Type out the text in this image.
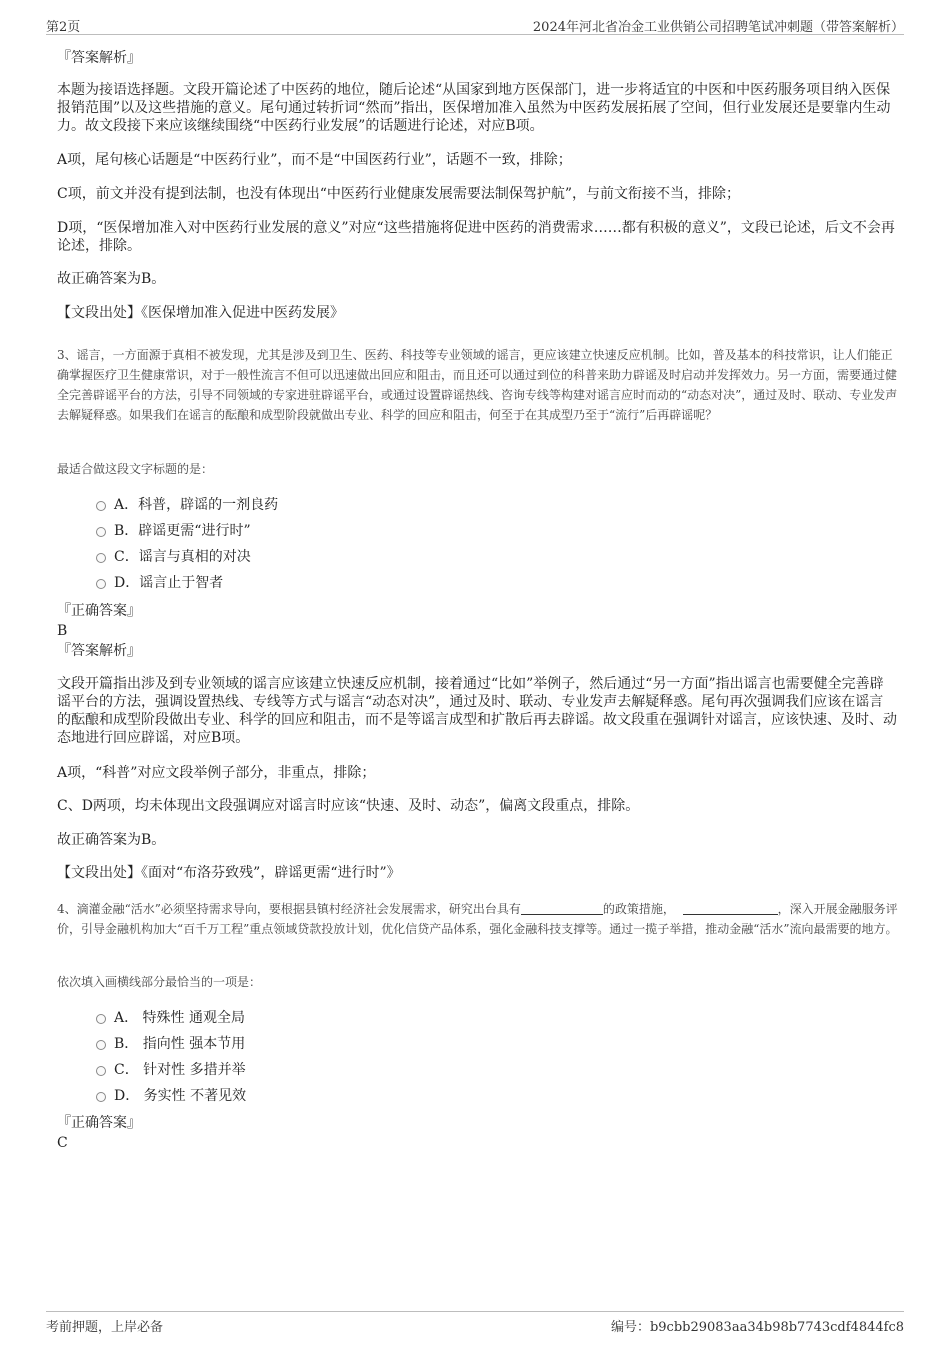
第2页	2024年河北省冶金工业供销公司招聘笔试冲刺题（带答案解析）
『答案解析』
本题为接语选择题。文段开篇论述了中医药的地位，随后论述“从国家到地方医保部门，进一步将适宜的中医和中医药服务项目纳入医保报销范围”以及这些措施的意义。尾句通过转折词“然而”指出，医保增加准入虽然为中医药发展拓展了空间，但行业发展还是要靠内生动力。故文段接下来应该继续围绕“中医药行业发展”的话题进行论述，对应B项。
A项，尾句核心话题是“中医药行业”，而不是“中国医药行业”，话题不一致，排除；
C项，前文并没有提到法制，也没有体现出“中医药行业健康发展需要法制保驾护航”，与前文衔接不当，排除；
D项，“医保增加准入对中医药行业发展的意义”对应“这些措施将促进中医药的消费需求……都有积极的意义”，文段已论述，后文不会再论述，排除。
故正确答案为B。
【文段出处】《医保增加准入促进中医药发展》
3、谣言，一方面源于真相不被发现，尤其是涉及到卫生、医药、科技等专业领域的谣言，更应该建立快速反应机制。比如，普及基本的科技常识，让人们能正确掌握医疗卫生健康常识，对于一般性流言不但可以迅速做出回应和阻击，而且还可以通过到位的科普来助力辟谣及时启动并发挥效力。另一方面，需要通过健全完善辟谣平台的方法，引导不同领域的专家进驻辟谣平台，或通过设置辟谣热线、咨询专线等构建对谣言应时而动的“动态对决”，通过及时、联动、专业发声去解疑释惑。如果我们在谣言的酝酿和成型阶段就做出专业、科学的回应和阻击，何至于在其成型乃至于“流行”后再辟谣呢？
最适合做这段文字标题的是：
A．科普，辟谣的一剂良药
B．辟谣更需“进行时”
C．谣言与真相的对决
D．谣言止于智者
『正确答案』
B
『答案解析』
文段开篇指出涉及到专业领域的谣言应该建立快速反应机制，接着通过“比如”举例子，然后通过“另一方面”指出谣言也需要健全完善辟谣平台的方法，强调设置热线、专线等方式与谣言“动态对决”，通过及时、联动、专业发声去解疑释惑。尾句再次强调我们应该在谣言的酝酿和成型阶段做出专业、科学的回应和阻击，而不是等谣言成型和扩散后再去辟谣。故文段重在强调针对谣言，应该快速、及时、动态地进行回应辟谣，对应B项。
A项，“科普”对应文段举例子部分，非重点，排除；
C、D两项，均未体现出文段强调应对谣言时应该“快速、及时、动态”，偏离文段重点，排除。
故正确答案为B。
【文段出处】《面对“布洛芬致残”，辟谣更需“进行时”》
4、滴灌金融“活水”必须坚持需求导向，要根据县镇村经济社会发展需求，研究出台具有	的政策措施，	，深入开展金融服务评价，引导金融机构加大“百千万工程”重点领域贷款投放计划，优化信贷产品体系，强化金融科技支撑等。通过一揽子举措，推动金融“活水”流向最需要的地方。
依次填入画横线部分最恰当的一项是：
A． 特殊性 通观全局
B． 指向性 强本节用
C． 针对性 多措并举
D． 务实性 不著见效
『正确答案』
C
考前押题，上岸必备	编号：b9cbb29083aa34b98b7743cdf4844fc8
